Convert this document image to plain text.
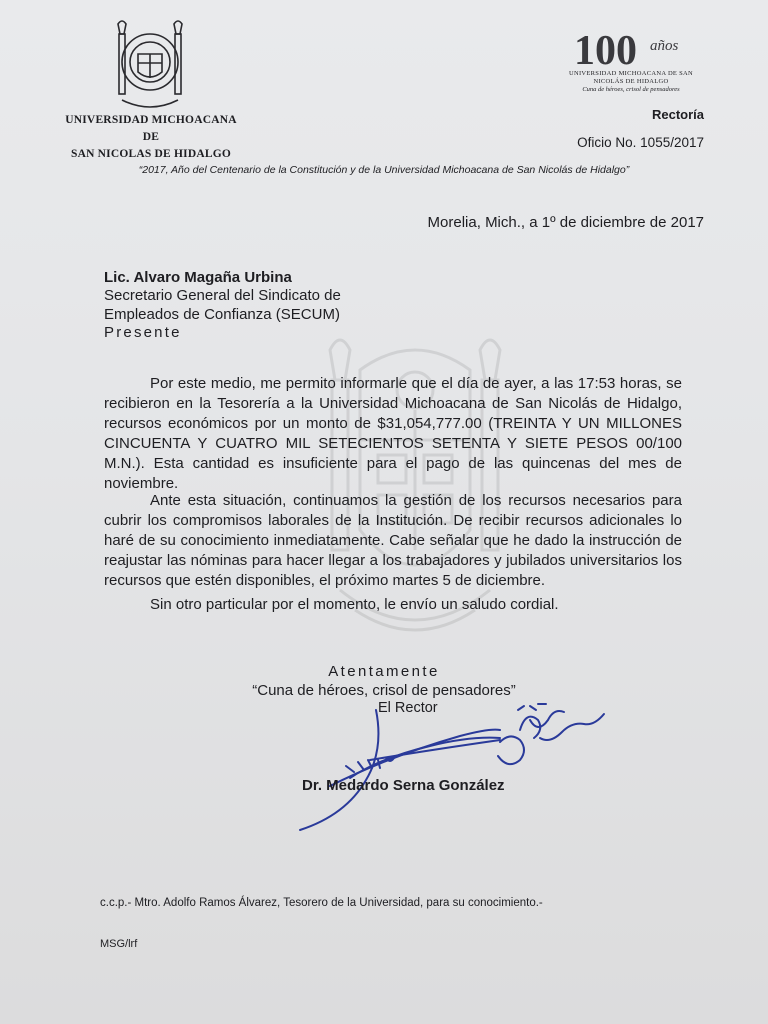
UNIVERSIDAD MICHOACANA
DE
SAN NICOLAS DE HIDALGO
100 años
UNIVERSIDAD MICHOACANA DE SAN NICOLÁS DE HIDALGO
Cuna de héroes, crisol de pensadores
Rectoría
Oficio No. 1055/2017
“2017, Año del Centenario de la Constitución y de la Universidad Michoacana de San Nicolás de Hidalgo”
Morelia, Mich., a 1º de diciembre de 2017
Lic. Alvaro Magaña Urbina
Secretario General del Sindicato de Empleados de Confianza (SECUM)
Presente
Por este medio, me permito informarle que el día de ayer, a las 17:53 horas, se recibieron en la Tesorería a la Universidad Michoacana de San Nicolás de Hidalgo, recursos económicos por un monto de $31,054,777.00 (TREINTA Y UN MILLONES CINCUENTA Y CUATRO MIL SETECIENTOS SETENTA Y SIETE PESOS 00/100 M.N.). Esta cantidad es insuficiente para el pago de las quincenas del mes de noviembre.
Ante esta situación, continuamos la gestión de los recursos necesarios para cubrir los compromisos laborales de la Institución. De recibir recursos adicionales lo haré de su conocimiento inmediatamente. Cabe señalar que he dado la instrucción de reajustar las nóminas para hacer llegar a los trabajadores y jubilados universitarios los recursos que estén disponibles, el próximo martes 5 de diciembre.
Sin otro particular por el momento, le envío un saludo cordial.
Atentamente
“Cuna de héroes, crisol de pensadores”
El Rector
Dr. Medardo Serna González
c.c.p.- Mtro. Adolfo Ramos Álvarez, Tesorero de la Universidad, para su conocimiento.-
MSG/lrf
